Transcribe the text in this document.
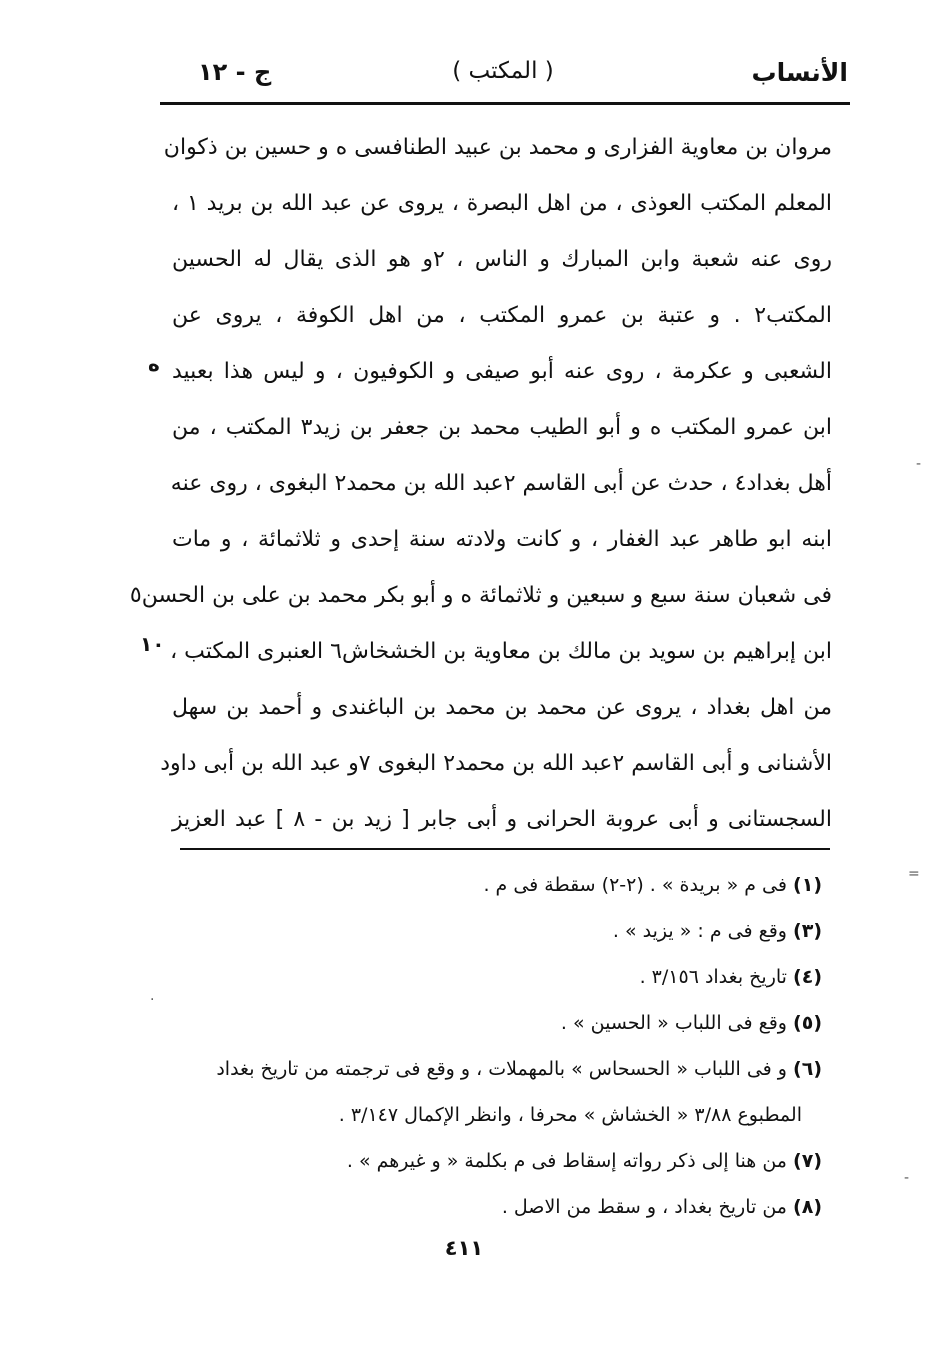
الأنساب
( المكتب )
ج - ١٢
مروان بن معاوية الفزارى و محمد بن عبيد الطنافسى ه و حسين بن ذكوان
المعلم المكتب العوذى ، من اهل البصرة ، يروى عن عبد الله بن بريد ١ ،
روى عنه شعبة وابن المبارك و الناس ، ٢و هو الذى يقال له الحسين
المكتب٢ . و عتبة بن عمرو المكتب ، من اهل الكوفة ، يروى عن
الشعبى و عكرمة ، روى عنه أبو صيفى و الكوفيون ، و ليس هذا بعبيد
ابن عمرو المكتب ه و أبو الطيب محمد بن جعفر بن زيد٣ المكتب ، من
أهل بغداد٤ ، حدث عن أبى القاسم ٢عبد الله بن محمد٢ البغوى ، روى عنه
ابنه ابو طاهر عبد الغفار ، و كانت ولادته سنة إحدى و ثلاثمائة ، و مات
فى شعبان سنة سبع و سبعين و ثلاثمائة ه و أبو بكر محمد بن على بن الحسن٥
ابن إبراهيم بن سويد بن مالك بن معاوية بن الخشخاش٦ العنبرى المكتب ،
من اهل بغداد ، يروى عن محمد بن محمد بن الباغندى و أحمد بن سهل
الأشنانى و أبى القاسم ٢عبد الله بن محمد٢ البغوى ٧و عبد الله بن أبى داود
السجستانى و أبى عروبة الحرانى و أبى جابر [ زيد بن - ٨ ] عبد العزيز
ه
١٠
(١) فى م « بريدة » . (٢-٢) سقطة فى م .
(٣) وقع فى م : « يزيد » .
(٤) تاريخ بغداد ٣/١٥٦ .
(٥) وقع فى اللباب « الحسين » .
(٦) و فى اللباب « الحسحاس » بالمهملات ، و وقع فى ترجمته من تاريخ بغداد
المطبوع ٣/٨٨ « الخشاش » محرفا ، وانظر الإكمال ٣/١٤٧ .
(٧) من هنا إلى ذكر رواته إسقاط فى م بكلمة « و غيرهم » .
(٨) من تاريخ بغداد ، و سقط من الاصل .
٤١١
-
=
·
-
